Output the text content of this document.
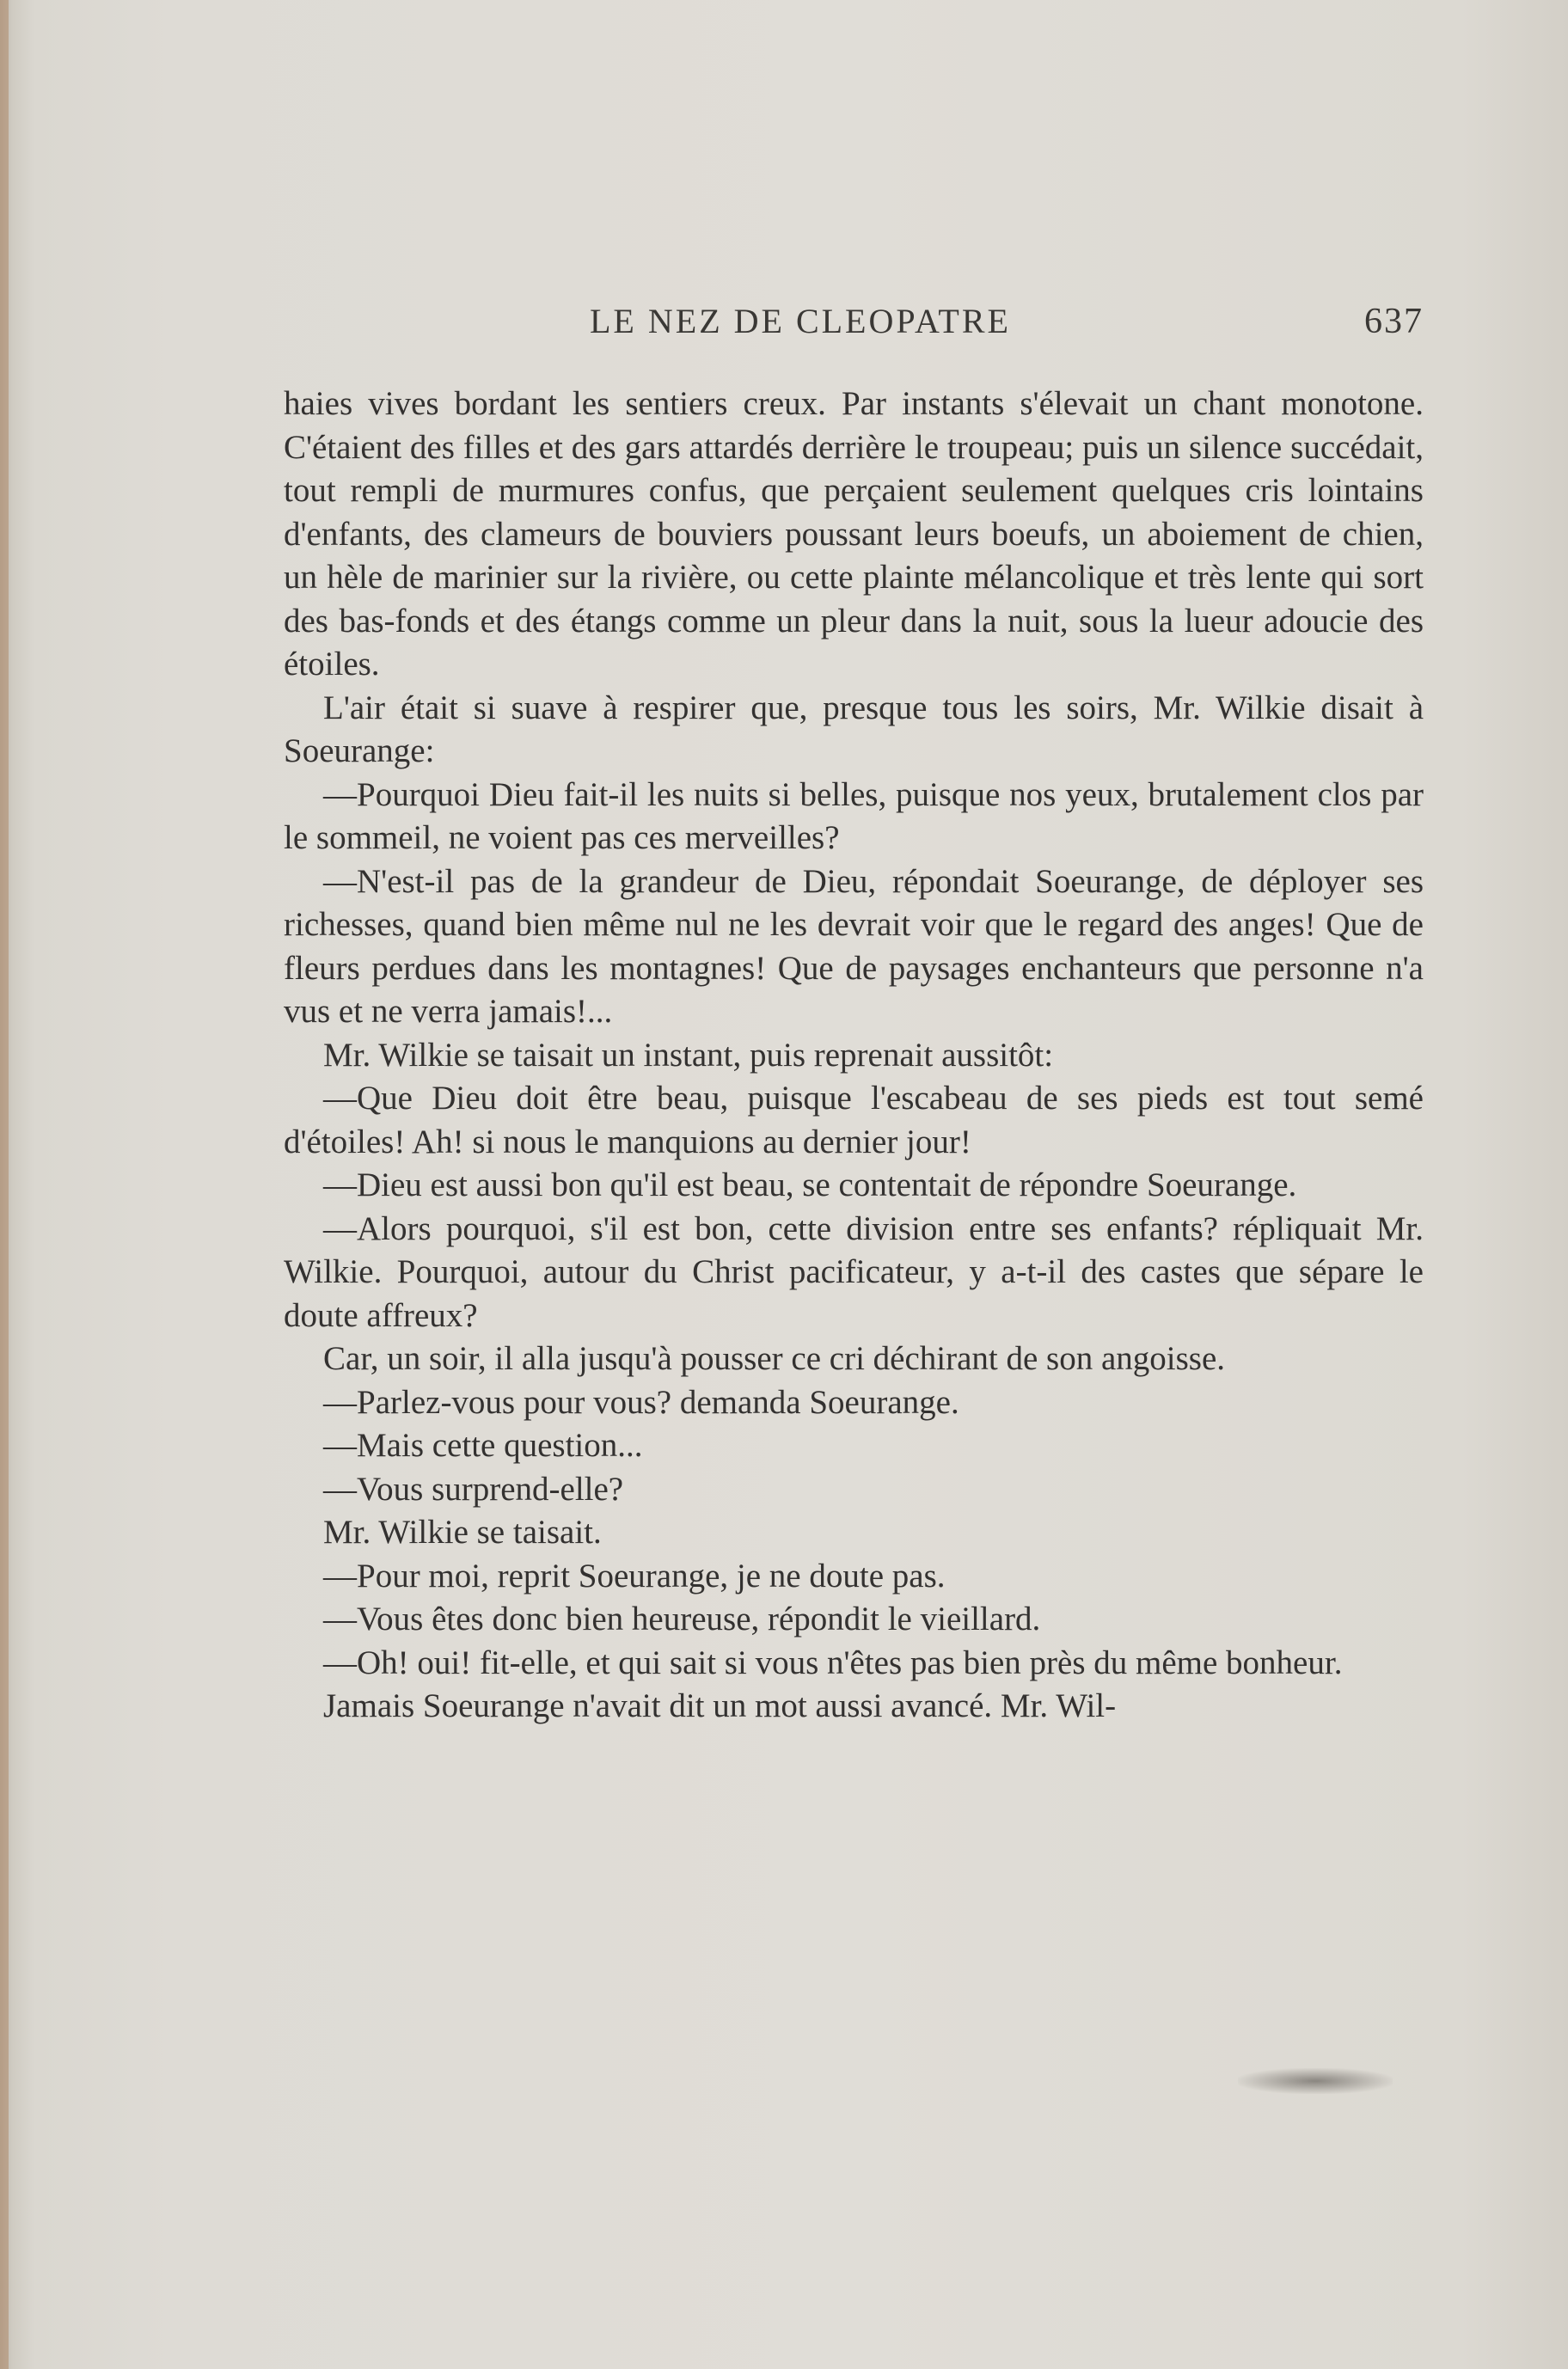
LE NEZ DE CLEOPATRE	637

haies vives bordant les sentiers creux. Par instants s'élevait un chant monotone. C'étaient des filles et des gars attardés derrière le troupeau; puis un silence succédait, tout rempli de murmures confus, que perçaient seulement quelques cris lointains d'enfants, des clameurs de bouviers poussant leurs boeufs, un aboiement de chien, un hèle de marinier sur la rivière, ou cette plainte mélancolique et très lente qui sort des bas-fonds et des étangs comme un pleur dans la nuit, sous la lueur adoucie des étoiles.

L'air était si suave à respirer que, presque tous les soirs, Mr. Wilkie disait à Soeurange:

—Pourquoi Dieu fait-il les nuits si belles, puisque nos yeux, brutalement clos par le sommeil, ne voient pas ces merveilles?

—N'est-il pas de la grandeur de Dieu, répondait Soeurange, de déployer ses richesses, quand bien même nul ne les devrait voir que le regard des anges! Que de fleurs perdues dans les montagnes! Que de paysages enchanteurs que personne n'a vus et ne verra jamais!...

Mr. Wilkie se taisait un instant, puis reprenait aussitôt:

—Que Dieu doit être beau, puisque l'escabeau de ses pieds est tout semé d'étoiles! Ah! si nous le manquions au dernier jour!

—Dieu est aussi bon qu'il est beau, se contentait de répondre Soeurange.

—Alors pourquoi, s'il est bon, cette division entre ses enfants? répliquait Mr. Wilkie. Pourquoi, autour du Christ pacificateur, y a-t-il des castes que sépare le doute affreux?

Car, un soir, il alla jusqu'à pousser ce cri déchirant de son angoisse.

—Parlez-vous pour vous? demanda Soeurange.

—Mais cette question...

—Vous surprend-elle?

Mr. Wilkie se taisait.

—Pour moi, reprit Soeurange, je ne doute pas.

—Vous êtes donc bien heureuse, répondit le vieillard.

—Oh! oui! fit-elle, et qui sait si vous n'êtes pas bien près du même bonheur.

Jamais Soeurange n'avait dit un mot aussi avancé. Mr. Wil-
